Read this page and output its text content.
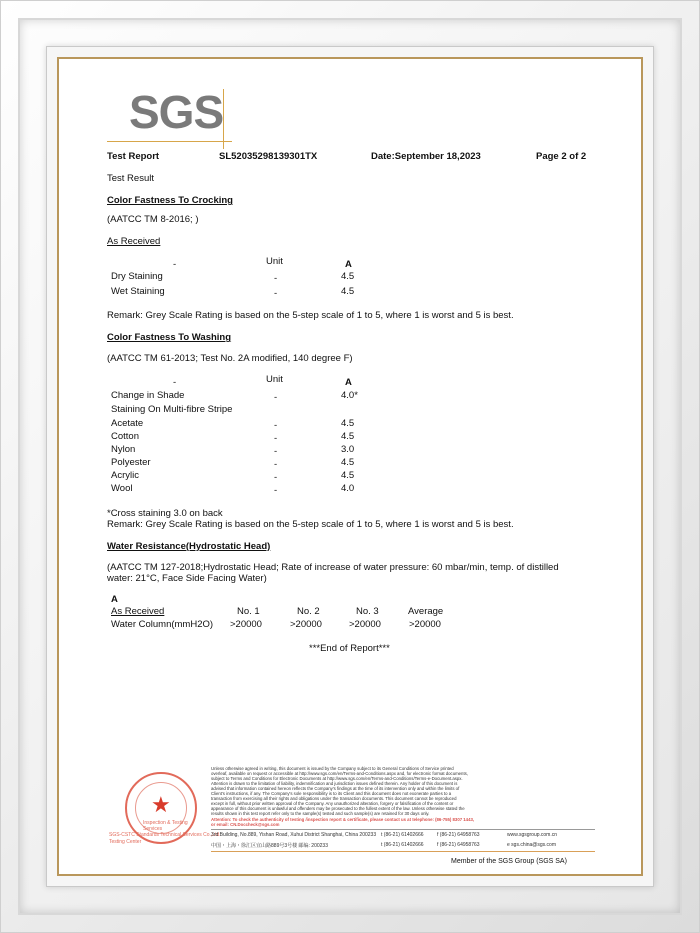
SGS
Test Report	SL52035298139301TX	Date:September 18,2023	Page 2 of 2
Test Result
Color Fastness To Crocking
(AATCC TM 8-2016; )
As Received
-	Unit	A
Dry Staining	-	4.5
Wet Staining	-	4.5
Remark: Grey Scale Rating is based on the 5-step scale of 1 to 5, where 1 is worst and 5 is best.
Color Fastness To Washing
(AATCC TM 61-2013; Test No. 2A modified, 140 degree F)
-	Unit	A
Change in Shade	-	4.0*
Staining On Multi-fibre Stripe
Acetate	-	4.5
Cotton	-	4.5
Nylon	-	3.0
Polyester	-	4.5
Acrylic	-	4.5
Wool	-	4.0
*Cross staining 3.0 on back
Remark: Grey Scale Rating is based on the 5-step scale of 1 to 5, where 1 is worst and 5 is best.
Water Resistance(Hydrostatic Head)
(AATCC TM 127-2018;Hydrostatic Head; Rate of increase of water pressure: 60 mbar/min, temp. of distilled
water: 21°C, Face Side Facing Water)
A
As Received	No. 1	No. 2	No. 3	Average
Water Column(mmH2O) >20000	>20000	>20000	>20000
***End of Report***
★
Inspection & Testing Services
SGS-CSTC Standards Technical Services Co.,Ltd.
Testing Center
Unless otherwise agreed in writing, this document is issued by the Company subject to its General Conditions of Service printed
overleaf, available on request or accessible at http://www.sgs.com/en/Terms-and-Conditions.aspx and, for electronic format documents,
subject to Terms and Conditions for Electronic Documents at http://www.sgs.com/en/Terms-and-Conditions/Terms-e-Document.aspx.
Attention is drawn to the limitation of liability, indemnification and jurisdiction issues defined therein. Any holder of this document is
advised that information contained hereon reflects the Company's findings at the time of its intervention only and within the limits of
Client's instructions, if any. The Company's sole responsibility is to its Client and this document does not exonerate parties to a
transaction from exercising all their rights and obligations under the transaction documents. This document cannot be reproduced
except in full, without prior written approval of the Company. Any unauthorized alteration, forgery or falsification of the content or
appearance of this document is unlawful and offenders may be prosecuted to the fullest extent of the law. Unless otherwise stated the
results shown in this test report refer only to the sample(s) tested and such sample(s) are retained for 30 days only.
Attention: To check the authenticity of testing /inspection report & certificate, please contact us at telephone: (86-755) 8307 1443,
or email: CN.Doccheck@sgs.com
3rd Building, No.889, Yishan Road, Xuhui District Shanghai, China 200233 t (86-21) 61402666	f (86-21) 64958763	www.sgsgroup.com.cn
中国・上海・徐汇区宜山路889号3号楼 邮编: 200233	t (86-21) 61402666	f (86-21) 64958763	e sgs.china@sgs.com
Member of the SGS Group (SGS SA)
